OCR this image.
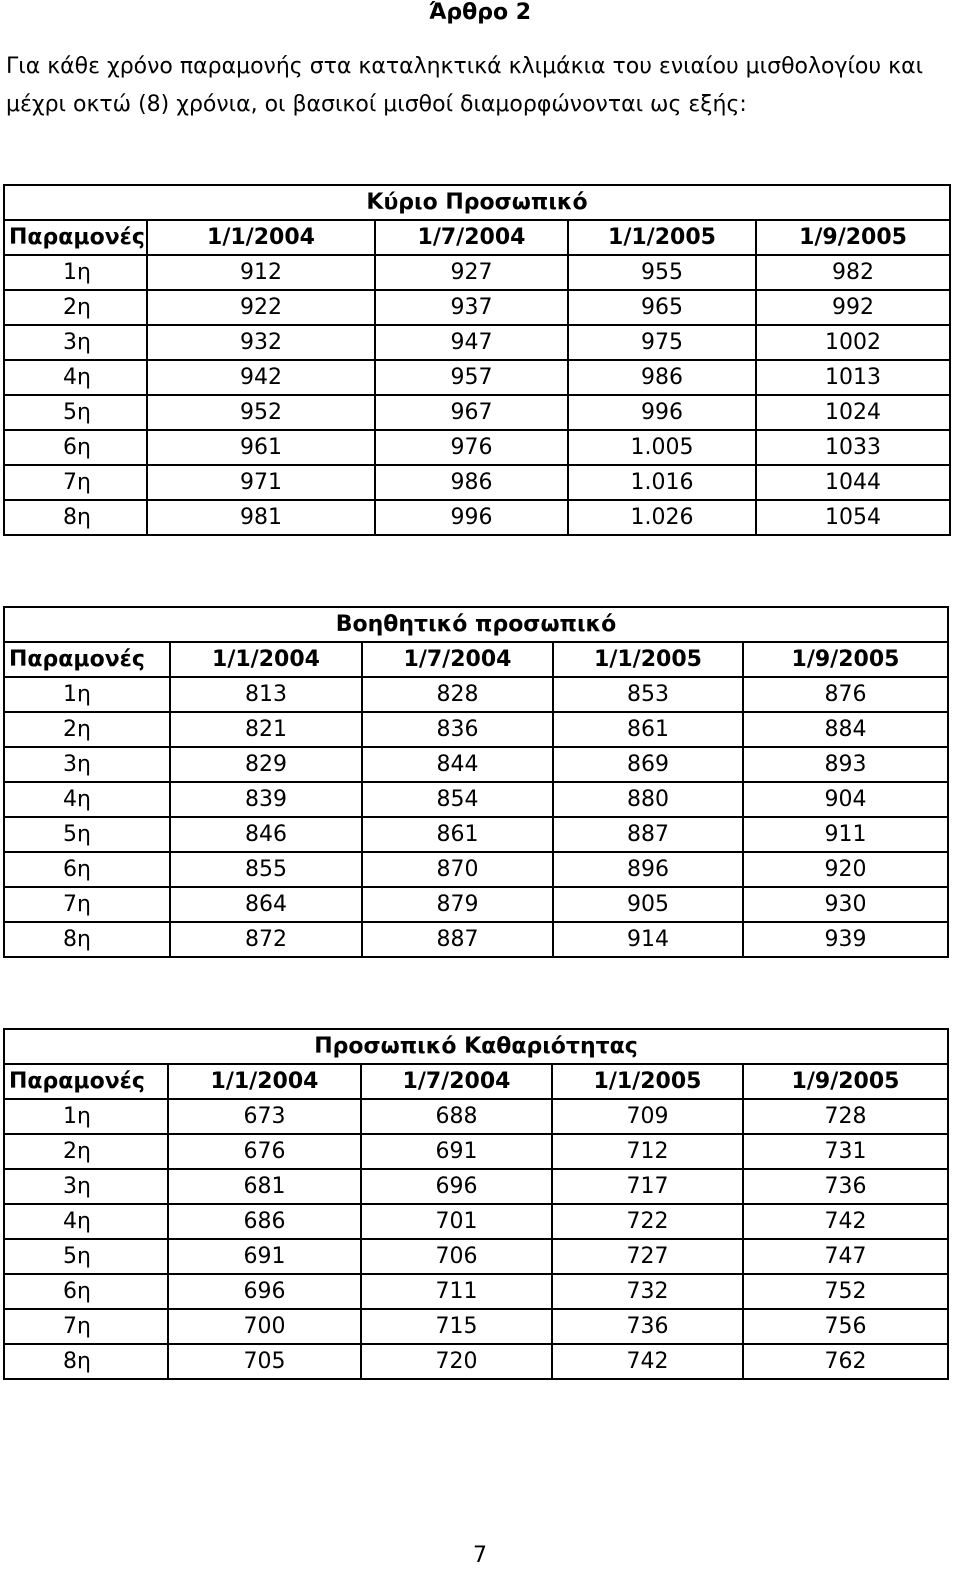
Άρθρο 2
Για κάθε χρόνο παραμονής στα καταληκτικά κλιμάκια του ενιαίου μισθολογίου και μέχρι οκτώ (8) χρόνια, οι βασικοί μισθοί διαμορφώνονται ως εξής:
Κύριο Προσωπικό				
Παραμονές	1/1/2004	1/7/2004	1/1/2005	1/9/2005
1η	912	927	955	982
2η	922	937	965	992
3η	932	947	975	1002
4η	942	957	986	1013
5η	952	967	996	1024
6η	961	976	1.005	1033
7η	971	986	1.016	1044
8η	981	996	1.026	1054
Βοηθητικό προσωπικό				
Παραμονές	1/1/2004	1/7/2004	1/1/2005	1/9/2005
1η	813	828	853	876
2η	821	836	861	884
3η	829	844	869	893
4η	839	854	880	904
5η	846	861	887	911
6η	855	870	896	920
7η	864	879	905	930
8η	872	887	914	939
Προσωπικό Καθαριότητας				
Παραμονές	1/1/2004	1/7/2004	1/1/2005	1/9/2005
1η	673	688	709	728
2η	676	691	712	731
3η	681	696	717	736
4η	686	701	722	742
5η	691	706	727	747
6η	696	711	732	752
7η	700	715	736	756
8η	705	720	742	762
7
